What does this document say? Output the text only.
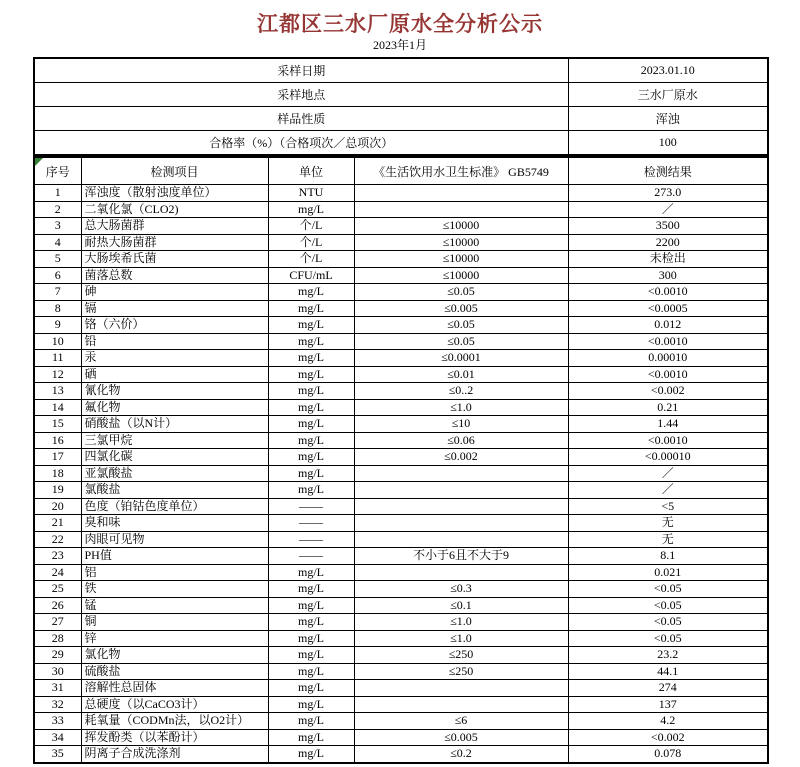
江都区三水厂原水全分析公示
2023年1月
采样日期	2023.01.10
采样地点	三水厂原水
样品性质	浑浊
合格率（%）（合格项次／总项次）	100
序号	检测项目	单位	《生活饮用水卫生标准》 GB5749	检测结果
1	浑浊度（散射浊度单位）	NTU		273.0
2	二氧化氯（CLO2)	mg/L		／
3	总大肠菌群	个/L	≤10000	3500
4	耐热大肠菌群	个/L	≤10000	2200
5	大肠埃希氏菌	个/L	≤10000	未检出
6	菌落总数	CFU/mL	≤10000	300
7	砷	mg/L	≤0.05	<0.0010
8	镉	mg/L	≤0.005	<0.0005
9	铬（六价）	mg/L	≤0.05	0.012
10	铅	mg/L	≤0.05	<0.0010
11	汞	mg/L	≤0.0001	0.00010
12	硒	mg/L	≤0.01	<0.0010
13	氰化物	mg/L	≤0..2	<0.002
14	氟化物	mg/L	≤1.0	0.21
15	硝酸盐（以N计）	mg/L	≤10	1.44
16	三氯甲烷	mg/L	≤0.06	<0.0010
17	四氯化碳	mg/L	≤0.002	<0.00010
18	亚氯酸盐	mg/L		／
19	氯酸盐	mg/L		／
20	色度（铂钴色度单位）	——		<5
21	臭和味	——		无
22	肉眼可见物	——		无
23	PH值	——	不小于6且不大于9	8.1
24	铝	mg/L		0.021
25	铁	mg/L	≤0.3	<0.05
26	锰	mg/L	≤0.1	<0.05
27	铜	mg/L	≤1.0	<0.05
28	锌	mg/L	≤1.0	<0.05
29	氯化物	mg/L	≤250	23.2
30	硫酸盐	mg/L	≤250	44.1
31	溶解性总固体	mg/L		274
32	总硬度（以CaCO3计）	mg/L		137
33	耗氧量（CODMn法，以O2计）	mg/L	≤6	4.2
34	挥发酚类（以苯酚计）	mg/L	≤0.005	<0.002
35	阴离子合成洗涤剂	mg/L	≤0.2	0.078
